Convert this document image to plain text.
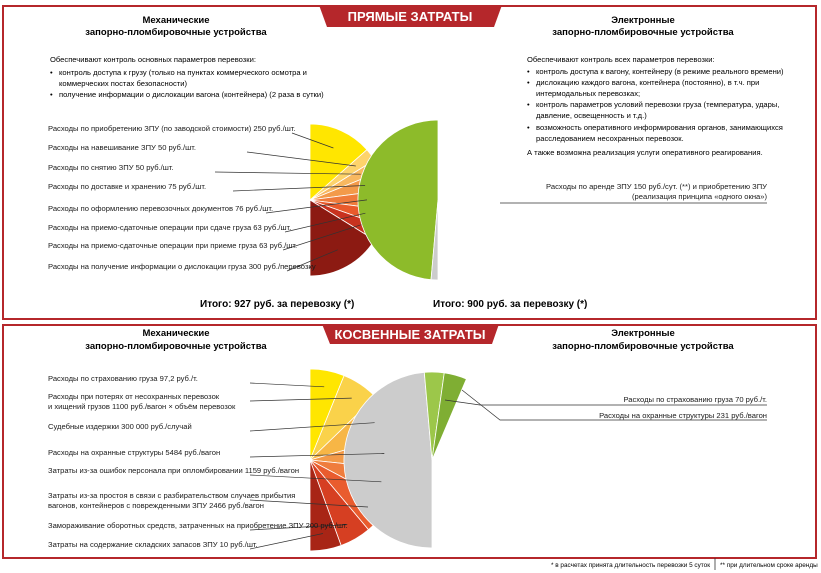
ПРЯМЫЕ ЗАТРАТЫ
КОСВЕННЫЕ ЗАТРАТЫ
Механические
запорно-пломбировочные устройства
Электронные
запорно-пломбировочные устройства
Обеспечивают контроль основных параметров перевозки:
• контроль доступа к грузу (только на пунктах коммерческого осмотра и
коммерческих постах безопасности)
• получение информации о дислокации вагона (контейнера) (2 раза в сутки)
Обеспечивают контроль всех параметров перевозки:
• контроль доступа к вагону, контейнеру (в режиме реального времени)
• дислокацию каждого вагона, контейнера (постоянно), в т.ч. при
интермодальных перевозках;
• контроль параметров условий перевозки груза (температура, удары,
давление, освещенность и т.д.)
• возможность оперативного информирования органов, занимающихся
расследованием несохранных перевозок.
А также возможна реализация услуги оперативного реагирования.
Итого: 927 руб. за перевозку (*)	Итого: 900 руб. за перевозку (*)
Механические
запорно-пломбировочные устройства
Электронные
запорно-пломбировочные устройства
Расходы по приобретению ЗПУ (по заводской стоимости) 250 руб./шт.
Расходы на навешивание ЗПУ 50 руб./шт.
Расходы по снятию ЗПУ 50 руб./шт.
Расходы по доставке и хранению 75 руб./шт.
Расходы по оформлению перевозочных документов 76 руб./шт.
Расходы на приемо-сдаточные операции при сдаче груза 63 руб./шт.
Расходы на приемо-сдаточные операции при приеме груза 63 руб./шт.
Расходы на получение информации о дислокации груза 300 руб./перевозку
Расходы по аренде ЗПУ 150 руб./сут. (**) и приобретению ЗПУ
(реализация принципа «одного окна»)
Расходы по страхованию груза 97,2 руб./т.
Расходы при потерях от несохранных перевозок
и хищений грузов 1100 руб./вагон × объём перевозок
Судебные издержки 300 000 руб./случай
Расходы на охранные структуры 5484 руб./вагон
Затраты из-за ошибок персонала при опломбировании 1159 руб./вагон
Затраты из-за простоя в связи с разбирательством случаев прибытия
вагонов, контейнеров с поврежденными ЗПУ 2466 руб./вагон
Замораживание оборотных средств, затраченных на приобретение ЗПУ 200 руб./шт.
Затраты на содержание складских запасов ЗПУ 10 руб./шт.
Расходы по страхованию груза 70 руб./т.
Расходы на охранные структуры 231 руб./вагон
* в расчетах принята длительность перевозки 5 суток ** при длительном сроке аренды
